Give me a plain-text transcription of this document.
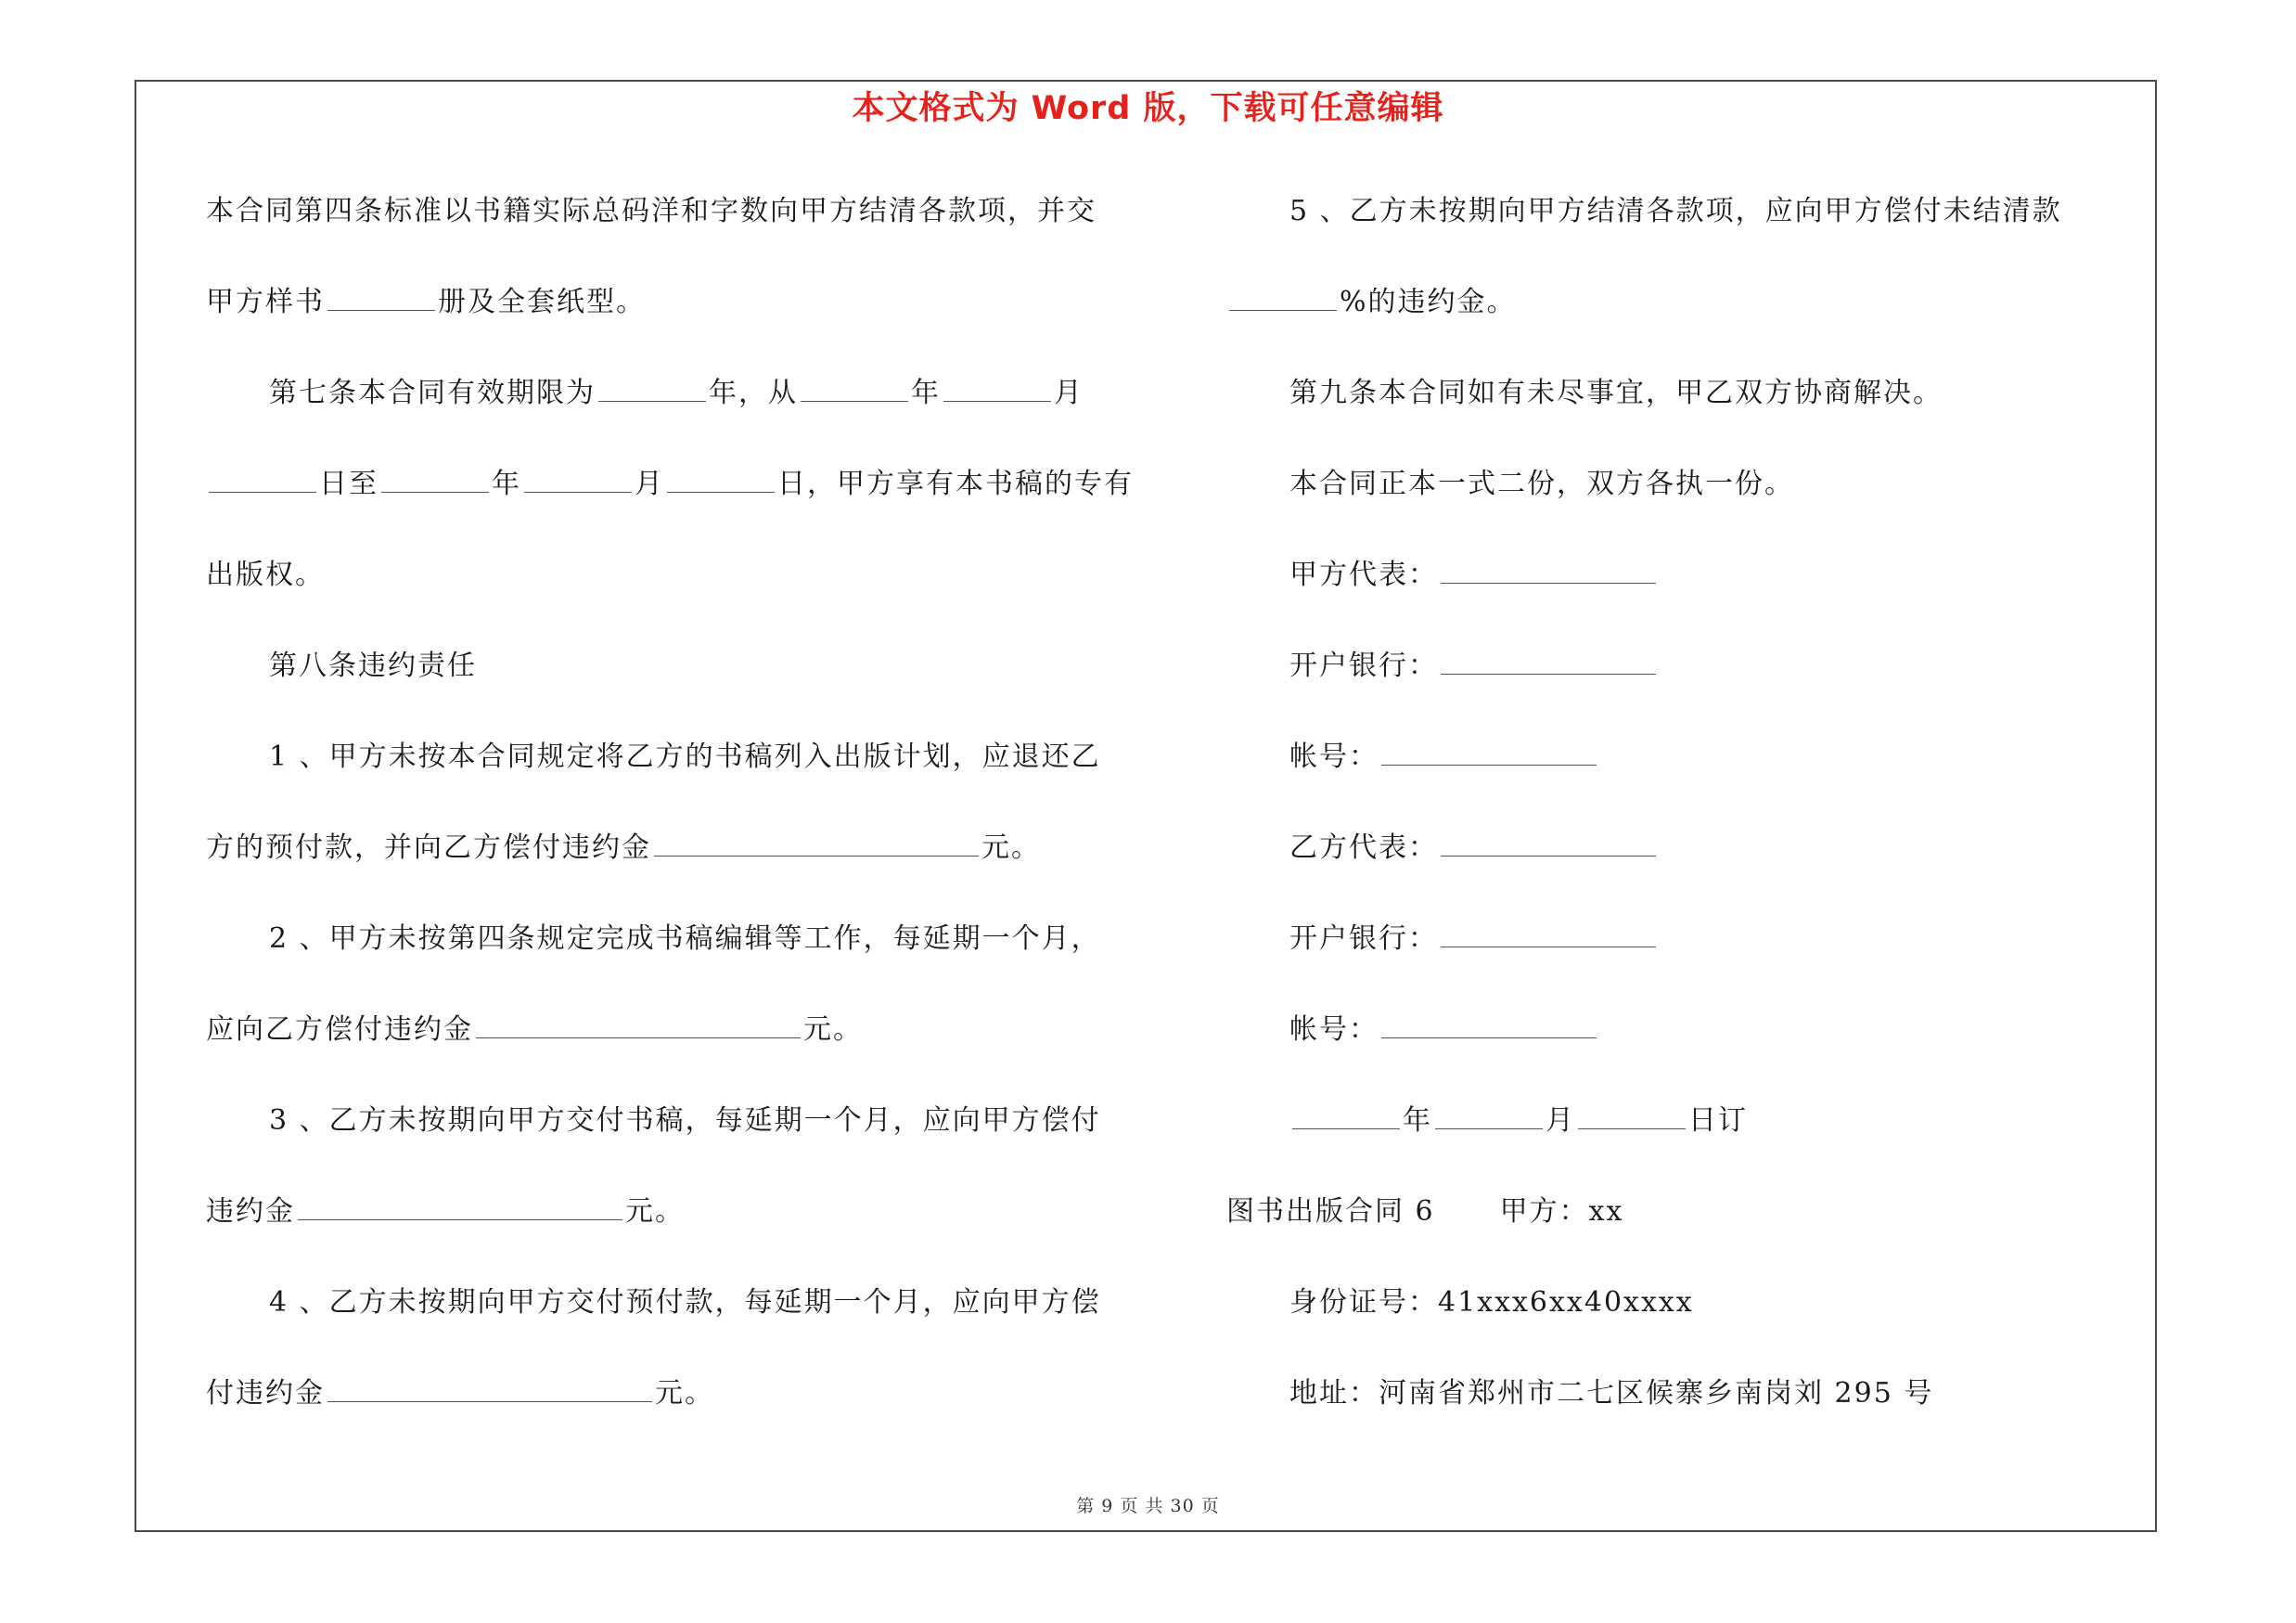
本文格式为 Word 版，下载可任意编辑
本合同第四条标准以书籍实际总码洋和字数向甲方结清各款项，并交
甲方样书	册及全套纸型。
第七条本合同有效期限为	年，从	年	月
日至	年	月	日，甲方享有本书稿的专有
出版权。
第八条违约责任
1 、甲方未按本合同规定将乙方的书稿列入出版计划，应退还乙
方的预付款，并向乙方偿付违约金	元。
2 、甲方未按第四条规定完成书稿编辑等工作，每延期一个月，
应向乙方偿付违约金	元。
3 、乙方未按期向甲方交付书稿，每延期一个月，应向甲方偿付
违约金	元。
4 、乙方未按期向甲方交付预付款，每延期一个月，应向甲方偿
付违约金	元。
5 、乙方未按期向甲方结清各款项，应向甲方偿付未结清款
%的违约金。
第九条本合同如有未尽事宜，甲乙双方协商解决。
本合同正本一式二份，双方各执一份。
甲方代表：
开户银行：
帐号：
乙方代表：
开户银行：
帐号：
年	月	日订
图书出版合同 6 甲方：xx
身份证号：41xxx6xx40xxxx
地址：河南省郑州市二七区候寨乡南岗刘 295 号
第 9 页 共 30 页
